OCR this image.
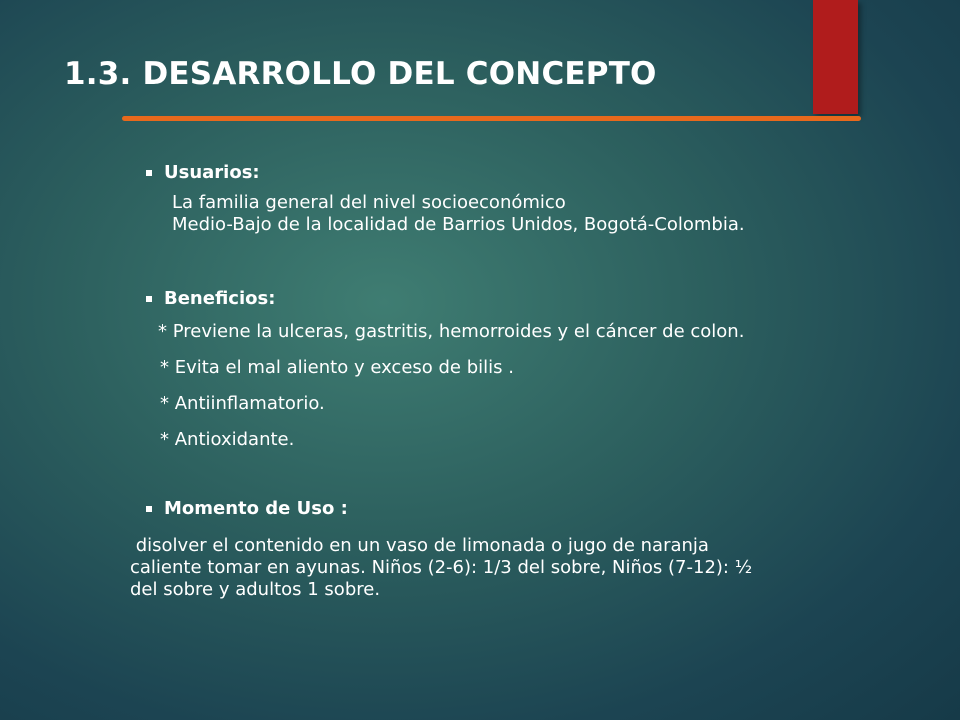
1.3. DESARROLLO DEL CONCEPTO
Usuarios:
La familia general del nivel socioeconómico
Medio-Bajo de la localidad de Barrios Unidos, Bogotá-Colombia.
Beneficios:
* Previene la ulceras, gastritis, hemorroides y el cáncer de colon.
* Evita el mal aliento y exceso de bilis .
* Antiinflamatorio.
* Antioxidante.
Momento de Uso :
disolver el contenido en un vaso de limonada o jugo de naranja
caliente tomar en ayunas. Niños (2-6): 1/3 del sobre, Niños (7-12): ½
del sobre y adultos 1 sobre.
